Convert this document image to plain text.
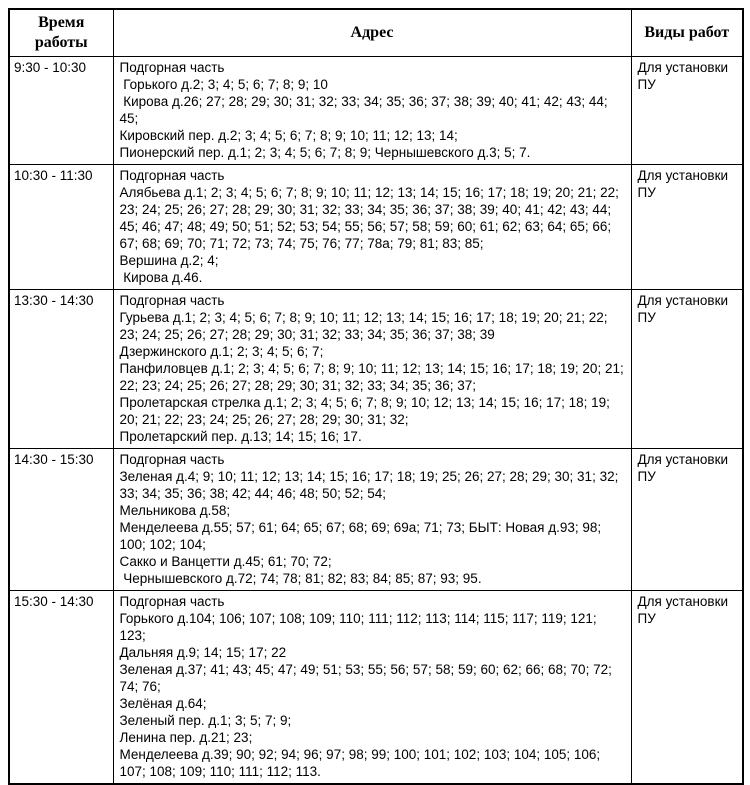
Время работы	Адрес	Виды работ
9:30 - 10:30	Подгорная часть
Горького д.2; 3; 4; 5; 6; 7; 8; 9; 10
Кирова д.26; 27; 28; 29; 30; 31; 32; 33; 34; 35; 36; 37; 38; 39; 40; 41; 42; 43; 44; 45;
Кировский пер. д.2; 3; 4; 5; 6; 7; 8; 9; 10; 11; 12; 13; 14;
Пионерский пер. д.1; 2; 3; 4; 5; 6; 7; 8; 9; Чернышевского д.3; 5; 7.	Для установки ПУ
10:30 - 11:30	Подгорная часть
Алябьева д.1; 2; 3; 4; 5; 6; 7; 8; 9; 10; 11; 12; 13; 14; 15; 16; 17; 18; 19; 20; 21; 22; 23; 24; 25; 26; 27; 28; 29; 30; 31; 32; 33; 34; 35; 36; 37; 38; 39; 40; 41; 42; 43; 44; 45; 46; 47; 48; 49; 50; 51; 52; 53; 54; 55; 56; 57; 58; 59; 60; 61; 62; 63; 64; 65; 66; 67; 68; 69; 70; 71; 72; 73; 74; 75; 76; 77; 78а; 79; 81; 83; 85;
Вершина д.2; 4;
Кирова д.46.	Для установки ПУ
13:30 - 14:30	Подгорная часть
Гурьева д.1; 2; 3; 4; 5; 6; 7; 8; 9; 10; 11; 12; 13; 14; 15; 16; 17; 18; 19; 20; 21; 22; 23; 24; 25; 26; 27; 28; 29; 30; 31; 32; 33; 34; 35; 36; 37; 38; 39
Дзержинского д.1; 2; 3; 4; 5; 6; 7;
Панфиловцев д.1; 2; 3; 4; 5; 6; 7; 8; 9; 10; 11; 12; 13; 14; 15; 16; 17; 18; 19; 20; 21; 22; 23; 24; 25; 26; 27; 28; 29; 30; 31; 32; 33; 34; 35; 36; 37;
Пролетарская стрелка д.1; 2; 3; 4; 5; 6; 7; 8; 9; 10; 12; 13; 14; 15; 16; 17; 18; 19; 20; 21; 22; 23; 24; 25; 26; 27; 28; 29; 30; 31; 32;
Пролетарский пер. д.13; 14; 15; 16; 17.
	Для установки ПУ
14:30 - 15:30	Подгорная часть
Зеленая д.4; 9; 10; 11; 12; 13; 14; 15; 16; 17; 18; 19; 25; 26; 27; 28; 29; 30; 31; 32; 33; 34; 35; 36; 38; 42; 44; 46; 48; 50; 52; 54;
Мельникова д.58;
Менделеева д.55; 57; 61; 64; 65; 67; 68; 69; 69а; 71; 73; БЫТ: Новая д.93; 98; 100; 102; 104;
Сакко и Ванцетти д.45; 61; 70; 72;
Чернышевского д.72; 74; 78; 81; 82; 83; 84; 85; 87; 93; 95.
	Для установки ПУ
15:30 - 14:30	Подгорная часть
Горького д.104; 106; 107; 108; 109; 110; 111; 112; 113; 114; 115; 117; 119; 121; 123;
Дальняя д.9; 14; 15; 17; 22
Зеленая д.37; 41; 43; 45; 47; 49; 51; 53; 55; 56; 57; 58; 59; 60; 62; 66; 68; 70; 72; 74; 76;
Зелёная д.64;
Зеленый пер. д.1; 3; 5; 7; 9;
Ленина пер. д.21; 23;
Менделеева д.39; 90; 92; 94; 96; 97; 98; 99; 100; 101; 102; 103; 104; 105; 106; 107; 108; 109; 110; 111; 112; 113.
	Для установки ПУ
